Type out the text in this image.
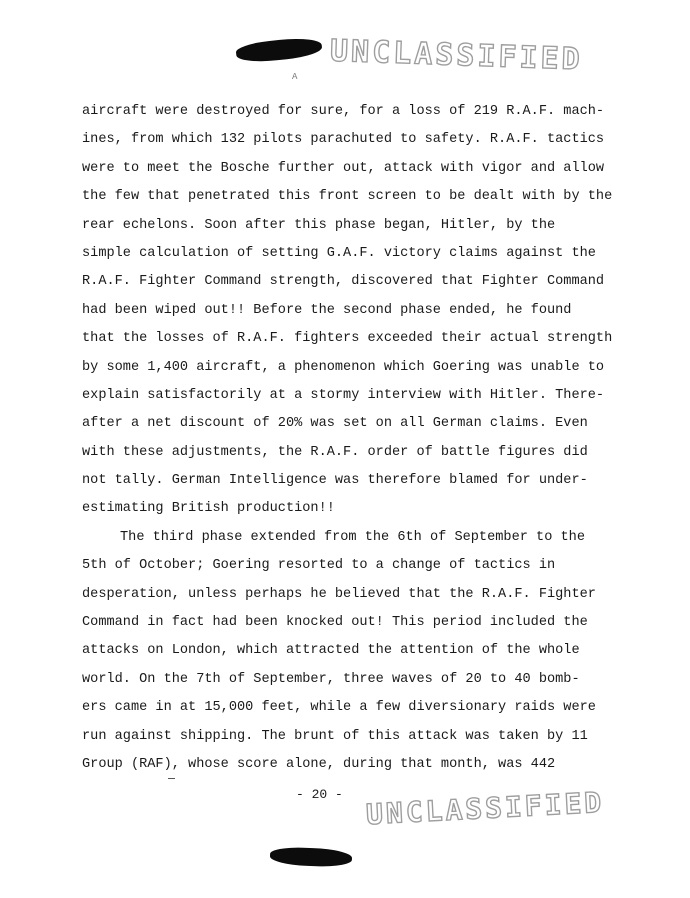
UNCLASSIFIED
A
aircraft were destroyed for sure, for a loss of 219 R.A.F. mach-
ines, from which 132 pilots parachuted to safety. R.A.F. tactics
were to meet the Bosche further out, attack with vigor and allow
the few that penetrated this front screen to be dealt with by the
rear echelons. Soon after this phase began, Hitler, by the
simple calculation of setting G.A.F. victory claims against the
R.A.F. Fighter Command strength, discovered that Fighter Command
had been wiped out!! Before the second phase ended, he found
that the losses of R.A.F. fighters exceeded their actual strength
by some 1,400 aircraft, a phenomenon which Goering was unable to
explain satisfactorily at a stormy interview with Hitler. There-
after a net discount of 20% was set on all German claims. Even
with these adjustments, the R.A.F. order of battle figures did
not tally. German Intelligence was therefore blamed for under-
estimating British production!!
The third phase extended from the 6th of September to the
5th of October; Goering resorted to a change of tactics in
desperation, unless perhaps he believed that the R.A.F. Fighter
Command in fact had been knocked out! This period included the
attacks on London, which attracted the attention of the whole
world. On the 7th of September, three waves of 20 to 40 bomb-
ers came in at 15,000 feet, while a few diversionary raids were
run against shipping. The brunt of this attack was taken by 11
Group (RAF), whose score alone, during that month, was 442
- 20 - UNCLASSIFIED
